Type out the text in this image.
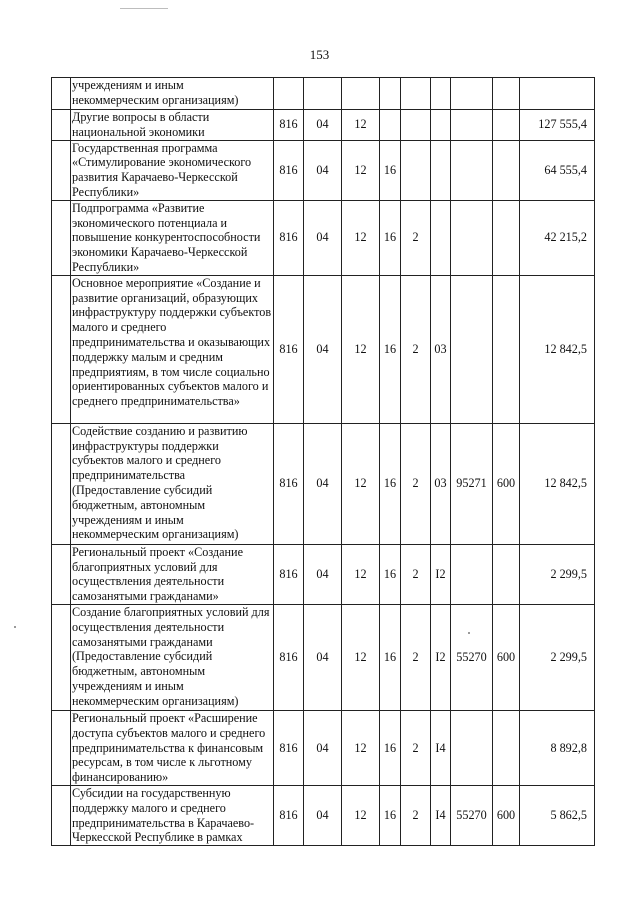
153
	учреждениям и иным некоммерческим организациям)									
	Другие вопросы в области национальной экономики	816	04	12						127 555,4
	Государственная программа «Стимулирование экономического развития Карачаево-Черкесской Республики»	816	04	12	16					64 555,4
	Подпрограмма «Развитие экономического потенциала и повышение конкурентоспособности экономики Карачаево-Черкесской Республики»	816	04	12	16	2				42 215,2
	Основное мероприятие «Создание и развитие организаций, образующих инфраструктуру поддержки субъектов малого и среднего предпринимательства и оказывающих поддержку малым и средним предприятиям, в том числе социально ориентированных субъектов малого и среднего предпринимательства»	816	04	12	16	2	03			12 842,5
	Содействие созданию и развитию инфраструктуры поддержки субъектов малого и среднего предпринимательства (Предоставление субсидий бюджетным, автономным учреждениям и иным некоммерческим организациям)	816	04	12	16	2	03	95271	600	12 842,5
	Региональный проект «Создание благоприятных условий для осуществления деятельности самозанятыми гражданами»	816	04	12	16	2	I2			2 299,5
	Создание благоприятных условий для осуществления деятельности самозанятыми гражданами (Предоставление субсидий бюджетным, автономным учреждениям и иным некоммерческим организациям)	816	04	12	16	2	I2	55270	600	2 299,5
	Региональный проект «Расширение доступа субъектов малого и среднего предпринимательства к финансовым ресурсам, в том числе к льготному финансированию»	816	04	12	16	2	I4			8 892,8
	Субсидии на государственную поддержку малого и среднего предпринимательства в Карачаево-Черкесской Республике в рамках	816	04	12	16	2	I4	55270	600	5 862,5
